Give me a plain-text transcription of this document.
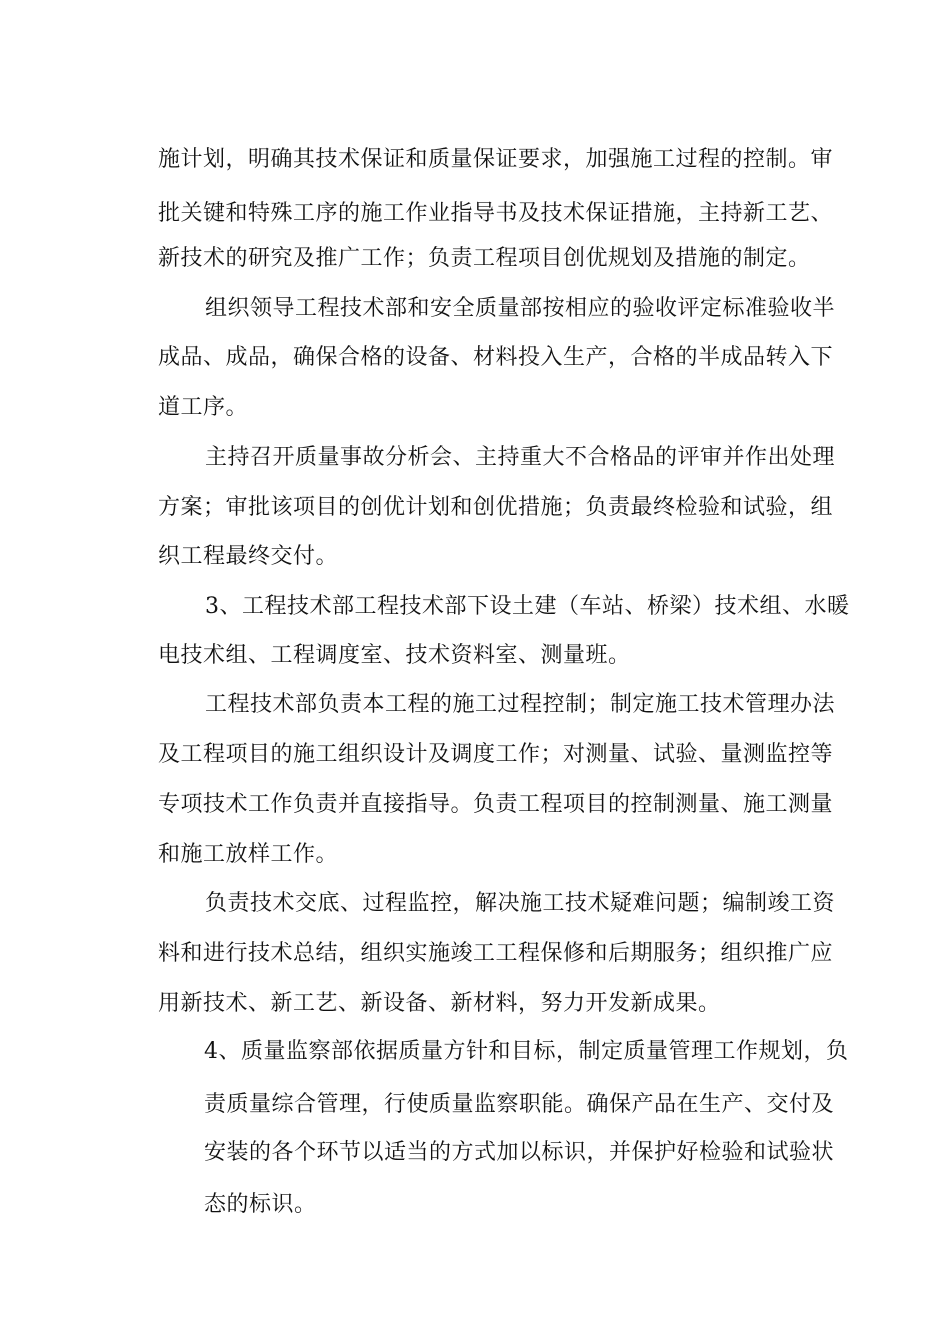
施计划，明确其技术保证和质量保证要求，加强施工过程的控制。审
批关键和特殊工序的施工作业指导书及技术保证措施，主持新工艺、
新技术的研究及推广工作；负责工程项目创优规划及措施的制定。
组织领导工程技术部和安全质量部按相应的验收评定标准验收半
成品、成品，确保合格的设备、材料投入生产，合格的半成品转入下
道工序。
主持召开质量事故分析会、主持重大不合格品的评审并作出处理
方案；审批该项目的创优计划和创优措施；负责最终检验和试验，组
织工程最终交付。
3、工程技术部工程技术部下设土建（车站、桥梁）技术组、水暖
电技术组、工程调度室、技术资料室、测量班。
工程技术部负责本工程的施工过程控制；制定施工技术管理办法
及工程项目的施工组织设计及调度工作；对测量、试验、量测监控等
专项技术工作负责并直接指导。负责工程项目的控制测量、施工测量
和施工放样工作。
负责技术交底、过程监控，解决施工技术疑难问题；编制竣工资
料和进行技术总结，组织实施竣工工程保修和后期服务；组织推广应
用新技术、新工艺、新设备、新材料，努力开发新成果。
4、质量监察部依据质量方针和目标，制定质量管理工作规划，负
责质量综合管理，行使质量监察职能。确保产品在生产、交付及
安装的各个环节以适当的方式加以标识，并保护好检验和试验状
态的标识。
